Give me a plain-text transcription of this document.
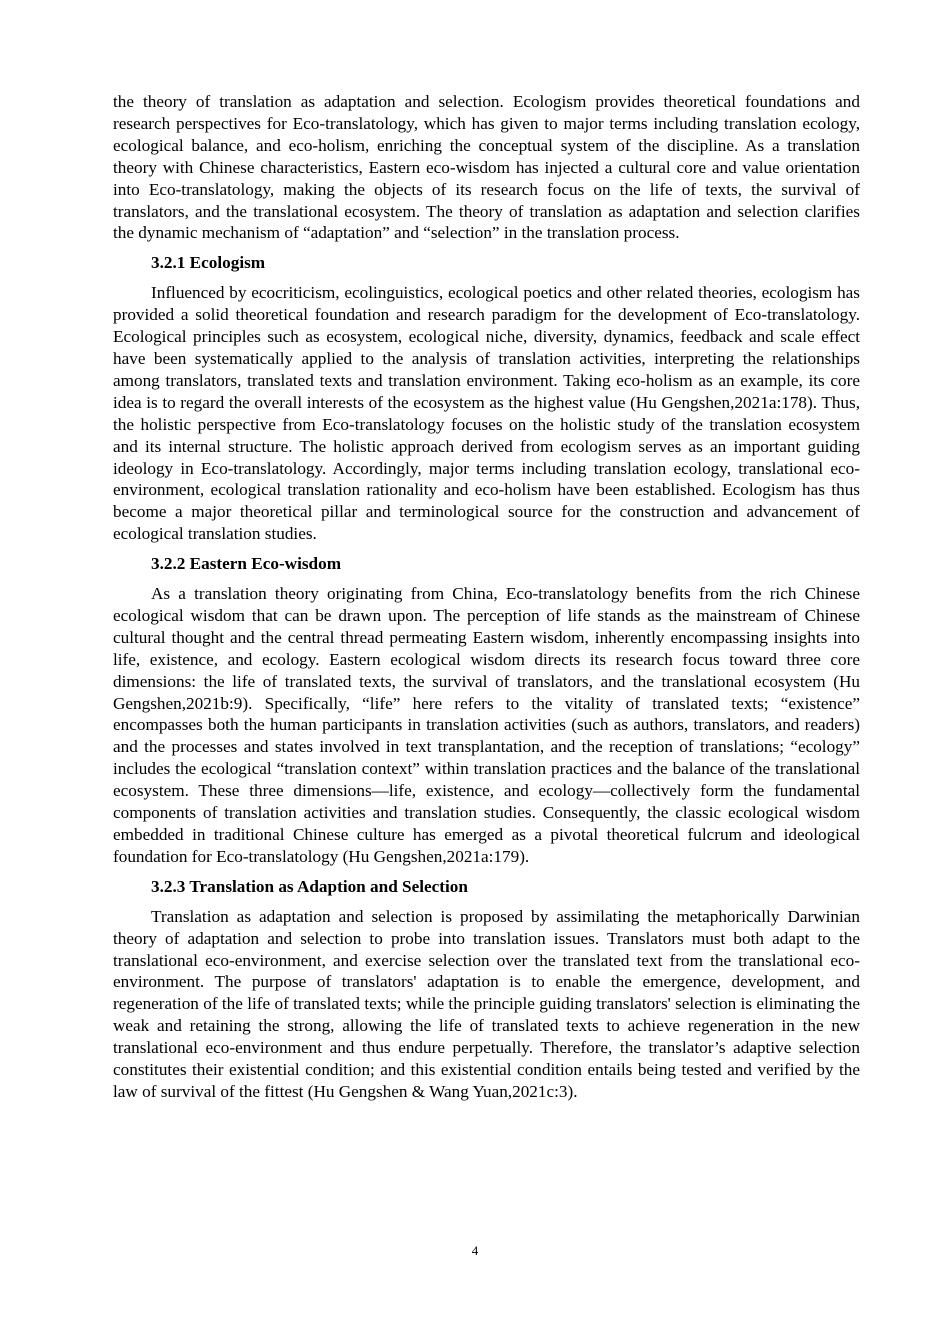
the theory of translation as adaptation and selection. Ecologism provides theoretical foundations and research perspectives for Eco-translatology, which has given to major terms including translation ecology, ecological balance, and eco-holism, enriching the conceptual system of the discipline. As a translation theory with Chinese characteristics, Eastern eco-wisdom has injected a cultural core and value orientation into Eco-translatology, making the objects of its research focus on the life of texts, the survival of translators, and the translational ecosystem. The theory of translation as adaptation and selection clarifies the dynamic mechanism of “adaptation” and “selection” in the translation process.

3.2.1 Ecologism

Influenced by ecocriticism, ecolinguistics, ecological poetics and other related theories, ecologism has provided a solid theoretical foundation and research paradigm for the development of Eco-translatology. Ecological principles such as ecosystem, ecological niche, diversity, dynamics, feedback and scale effect have been systematically applied to the analysis of translation activities, interpreting the relationships among translators, translated texts and translation environment. Taking eco-holism as an example, its core idea is to regard the overall interests of the ecosystem as the highest value (Hu Gengshen,2021a:178). Thus, the holistic perspective from Eco-translatology focuses on the holistic study of the translation ecosystem and its internal structure. The holistic approach derived from ecologism serves as an important guiding ideology in Eco-translatology. Accordingly, major terms including translation ecology, translational eco-environment, ecological translation rationality and eco-holism have been established. Ecologism has thus become a major theoretical pillar and terminological source for the construction and advancement of ecological translation studies.

3.2.2 Eastern Eco-wisdom

As a translation theory originating from China, Eco-translatology benefits from the rich Chinese ecological wisdom that can be drawn upon. The perception of life stands as the mainstream of Chinese cultural thought and the central thread permeating Eastern wisdom, inherently encompassing insights into life, existence, and ecology. Eastern ecological wisdom directs its research focus toward three core dimensions: the life of translated texts, the survival of translators, and the translational ecosystem (Hu Gengshen,2021b:9). Specifically, “life” here refers to the vitality of translated texts; “existence” encompasses both the human participants in translation activities (such as authors, translators, and readers) and the processes and states involved in text transplantation, and the reception of translations; “ecology” includes the ecological “translation context” within translation practices and the balance of the translational ecosystem. These three dimensions—life, existence, and ecology—collectively form the fundamental components of translation activities and translation studies. Consequently, the classic ecological wisdom embedded in traditional Chinese culture has emerged as a pivotal theoretical fulcrum and ideological foundation for Eco-translatology (Hu Gengshen,2021a:179).

3.2.3 Translation as Adaption and Selection

Translation as adaptation and selection is proposed by assimilating the metaphorically Darwinian theory of adaptation and selection to probe into translation issues. Translators must both adapt to the translational eco-environment, and exercise selection over the translated text from the translational eco-environment. The purpose of translators' adaptation is to enable the emergence, development, and regeneration of the life of translated texts; while the principle guiding translators' selection is eliminating the weak and retaining the strong, allowing the life of translated texts to achieve regeneration in the new translational eco-environment and thus endure perpetually. Therefore, the translator’s adaptive selection constitutes their existential condition; and this existential condition entails being tested and verified by the law of survival of the fittest (Hu Gengshen & Wang Yuan,2021c:3).

4
